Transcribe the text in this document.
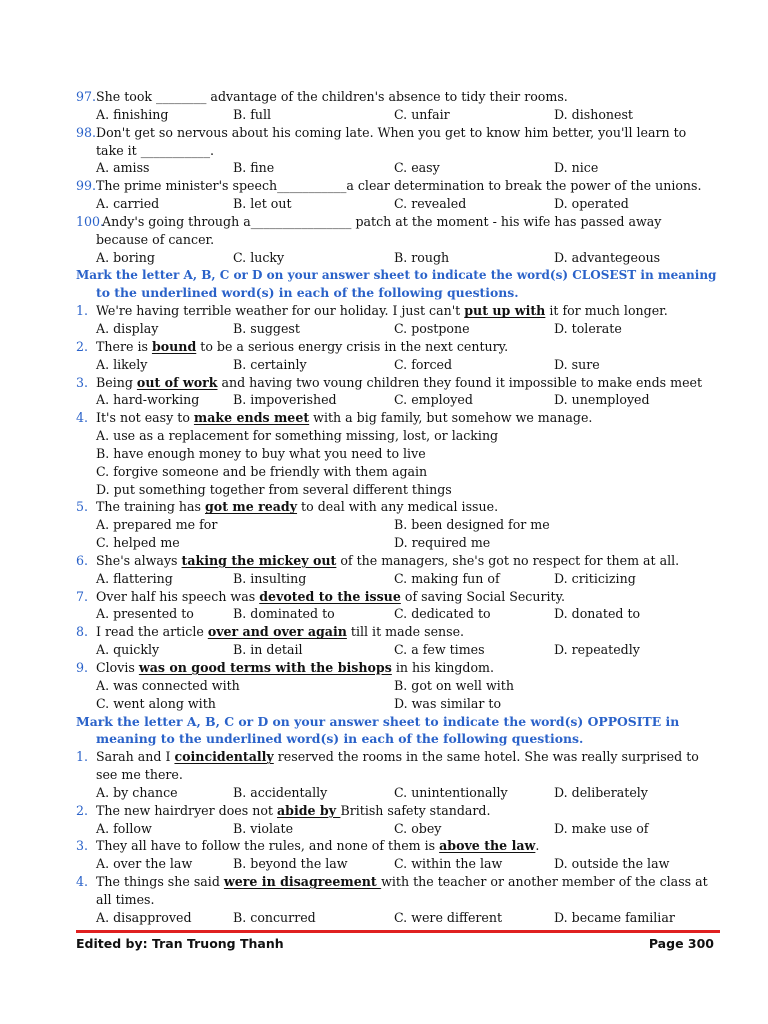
97. She took ________ advantage of the children's absence to tidy their rooms.
A. finishing	B. full	C. unfair	D. dishonest
98. Don't get so nervous about his coming late. When you get to know him better, you'll learn to
take it ___________.
A. amiss	B. fine	C. easy	D. nice
99. The prime minister's speech___________a clear determination to break the power of the unions.
A. carried	B. let out	C. revealed	D. operated
100.
Andy's going through a________________ patch at the moment - his wife has passed away
because of cancer.
A. boring	C. lucky	B. rough	D. advantegeous
Mark the letter A, B, C or D on your answer sheet to indicate the word(s) CLOSEST in meaning
to the underlined word(s) in each of the following questions.
1. We're having terrible weather for our holiday. I just can't put up with it for much longer.
A. display	B. suggest	C. postpone	D. tolerate
2. There is bound to be a serious energy crisis in the next century.
A. likely	B. certainly	C. forced	D. sure
3. Being out of work and having two voung children they found it impossible to make ends meet
A. hard-working	B. impoverished	C. employed	D. unemployed
4. It's not easy to make ends meet with a big family, but somehow we manage.
A. use as a replacement for something missing, lost, or lacking
B. have enough money to buy what you need to live
C. forgive someone and be friendly with them again
D. put something together from several different things
5. The training has got me ready to deal with any medical issue.
A. prepared me for	B. been designed for me
C. helped me	D. required me
6. She's always taking the mickey out of the managers, she's got no respect for them at all.
A. flattering	B. insulting	C. making fun of	D. criticizing
7. Over half his speech was devoted to the issue of saving Social Security.
A. presented to	B. dominated to	C. dedicated to	D. donated to
8. I read the article over and over again till it made sense.
A. quickly	B. in detail	C. a few times	D. repeatedly
9. Clovis was on good terms with the bishops in his kingdom.
A. was connected with	B. got on well with
C. went along with	D. was similar to
Mark the letter A, B, C or D on your answer sheet to indicate the word(s) OPPOSITE in
meaning to the underlined word(s) in each of the following questions.
1. Sarah and I coincidentally reserved the rooms in the same hotel. She was really surprised to
see me there.
A. by chance	B. accidentally	C. unintentionally	D. deliberately
2. The new hairdryer does not abide by British safety standard.
A. follow	B. violate	C. obey	D. make use of
3. They all have to follow the rules, and none of them is above the law.
A. over the law	B. beyond the law	C. within the law	D. outside the law
4. The things she said were in disagreement with the teacher or another member of the class at
all times.
A. disapproved	B. concurred	C. were different	D. became familiar
Edited by: Tran Truong Thanh	Page 300
